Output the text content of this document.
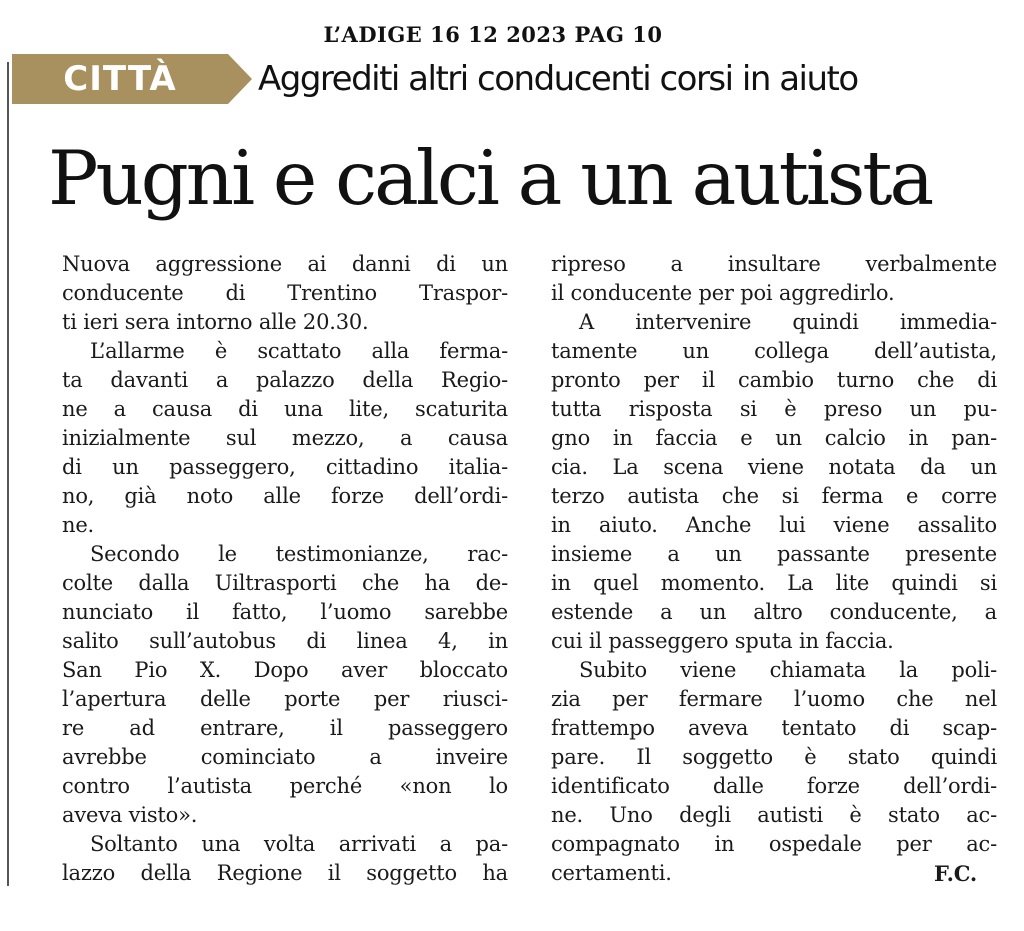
L’ADIGE 16 12 2023 PAG 10
CITTÀ	Aggrediti altri conducenti corsi in aiuto
Pugni e calci a un autista
Nuova aggressione ai danni di un
conducente di Trentino Traspor-
ti ieri sera intorno alle 20.30.
L’allarme è scattato alla ferma-
ta davanti a palazzo della Regio-
ne a causa di una lite, scaturita
inizialmente sul mezzo, a causa
di un passeggero, cittadino italia-
no, già noto alle forze dell’ordi-
ne.
Secondo le testimonianze, rac-
colte dalla Uiltrasporti che ha de-
nunciato il fatto, l’uomo sarebbe
salito sull’autobus di linea 4, in
San Pio X. Dopo aver bloccato
l’apertura delle porte per riusci-
re ad entrare, il passeggero
avrebbe cominciato a inveire
contro l’autista perché «non lo
aveva visto».
Soltanto una volta arrivati a pa-
lazzo della Regione il soggetto ha
ripreso a insultare verbalmente
il conducente per poi aggredirlo.
A intervenire quindi immedia-
tamente un collega dell’autista,
pronto per il cambio turno che di
tutta risposta si è preso un pu-
gno in faccia e un calcio in pan-
cia. La scena viene notata da un
terzo autista che si ferma e corre
in aiuto. Anche lui viene assalito
insieme a un passante presente
in quel momento. La lite quindi si
estende a un altro conducente, a
cui il passeggero sputa in faccia.
Subito viene chiamata la poli-
zia per fermare l’uomo che nel
frattempo aveva tentato di scap-
pare. Il soggetto è stato quindi
identificato dalle forze dell’ordi-
ne. Uno degli autisti è stato ac-
compagnato in ospedale per ac-
certamenti.	F.C.
